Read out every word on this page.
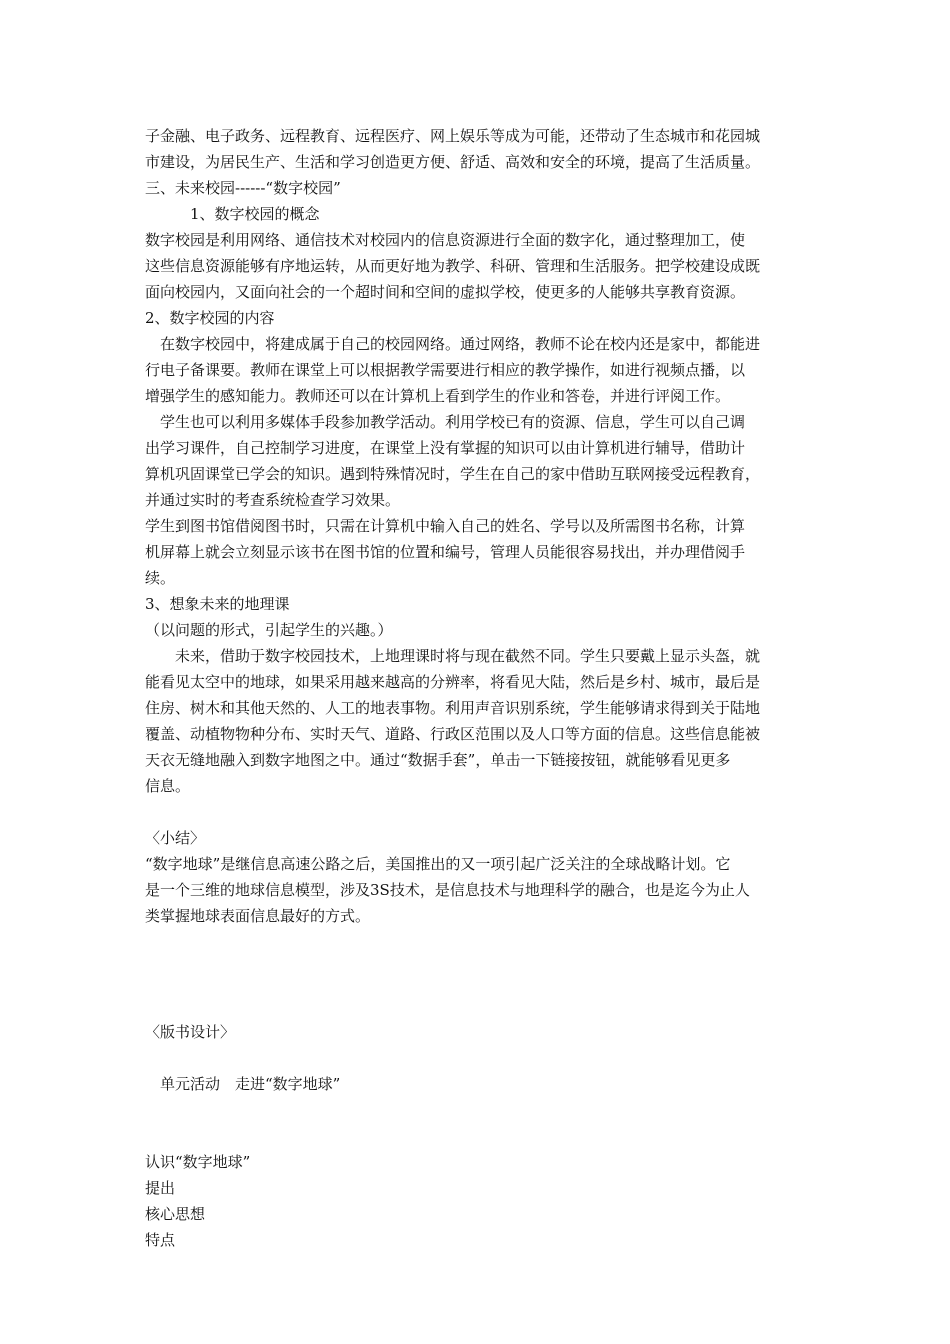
子金融、电子政务、远程教育、远程医疗、网上娱乐等成为可能，还带动了生态城市和花园城

市建设，为居民生产、生活和学习创造更方便、舒适、高效和安全的环境，提高了生活质量。

三、未来校园------“数字校园”

　　　1、数字校园的概念

数字校园是利用网络、通信技术对校园内的信息资源进行全面的数字化，通过整理加工，使

这些信息资源能够有序地运转，从而更好地为教学、科研、管理和生活服务。把学校建设成既

面向校园内，又面向社会的一个超时间和空间的虚拟学校，使更多的人能够共享教育资源。

2、数字校园的内容

　在数字校园中，将建成属于自己的校园网络。通过网络，教师不论在校内还是家中，都能进

行电子备课要。教师在课堂上可以根据教学需要进行相应的教学操作，如进行视频点播，以

增强学生的感知能力。教师还可以在计算机上看到学生的作业和答卷，并进行评阅工作。

　学生也可以利用多媒体手段参加教学活动。利用学校已有的资源、信息，学生可以自己调

出学习课件，自己控制学习进度，在课堂上没有掌握的知识可以由计算机进行辅导，借助计

算机巩固课堂已学会的知识。遇到特殊情况时，学生在自己的家中借助互联网接受远程教育，

并通过实时的考查系统检查学习效果。

学生到图书馆借阅图书时，只需在计算机中输入自己的姓名、学号以及所需图书名称，计算

机屏幕上就会立刻显示该书在图书馆的位置和编号，管理人员能很容易找出，并办理借阅手

续。

3、想象未来的地理课

（以问题的形式，引起学生的兴趣。）

　　未来，借助于数字校园技术，上地理课时将与现在截然不同。学生只要戴上显示头盔，就

能看见太空中的地球，如果采用越来越高的分辨率，将看见大陆，然后是乡村、城市，最后是

住房、树木和其他天然的、人工的地表事物。利用声音识别系统，学生能够请求得到关于陆地

覆盖、动植物物种分布、实时天气、道路、行政区范围以及人口等方面的信息。这些信息能被

天衣无缝地融入到数字地图之中。通过“数据手套”，单击一下链接按钮，就能够看见更多

信息。

〈小结〉

“数字地球”是继信息高速公路之后，美国推出的又一项引起广泛关注的全球战略计划。它

是一个三维的地球信息模型，涉及3S技术，是信息技术与地理科学的融合，也是迄今为止人

类掌握地球表面信息最好的方式。

〈版书设计〉

　单元活动　走进“数字地球”

认识“数字地球”

提出

核心思想

特点
